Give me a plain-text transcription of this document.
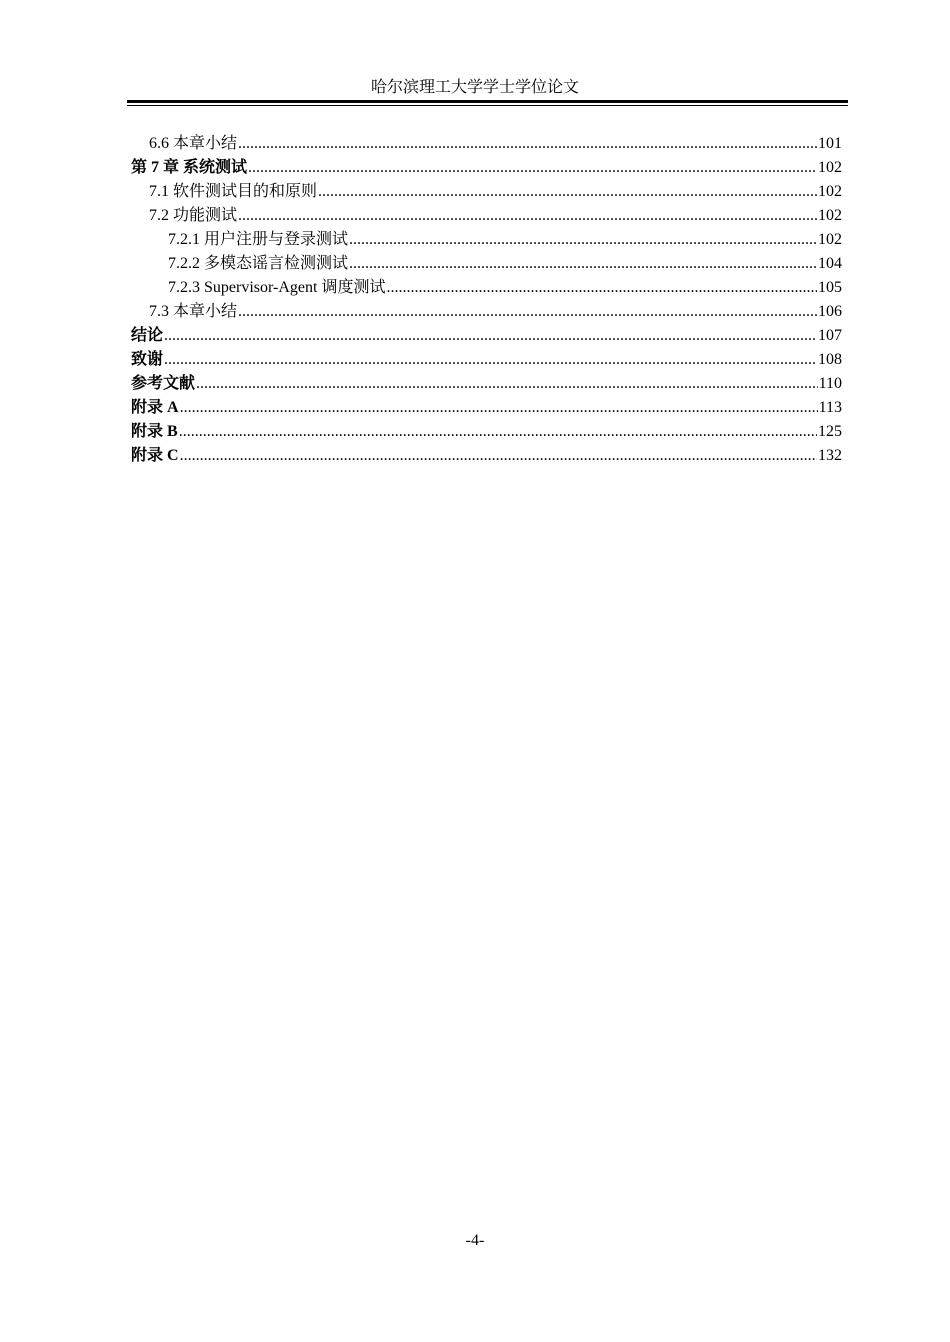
哈尔滨理工大学学士学位论文
6.6 本章小结 .....	101
第 7 章 系统测试 .....	102
7.1 软件测试目的和原则 .....	102
7.2 功能测试 .....	102
7.2.1 用户注册与登录测试 .....	102
7.2.2 多模态谣言检测测试 .....	104
7.2.3 Supervisor-Agent 调度测试 .....	105
7.3 本章小结 .....	106
结论 .....	107
致谢 .....	108
参考文献 .....	110
附录 A .....	113
附录 B .....	125
附录 C .....	132
-4-
